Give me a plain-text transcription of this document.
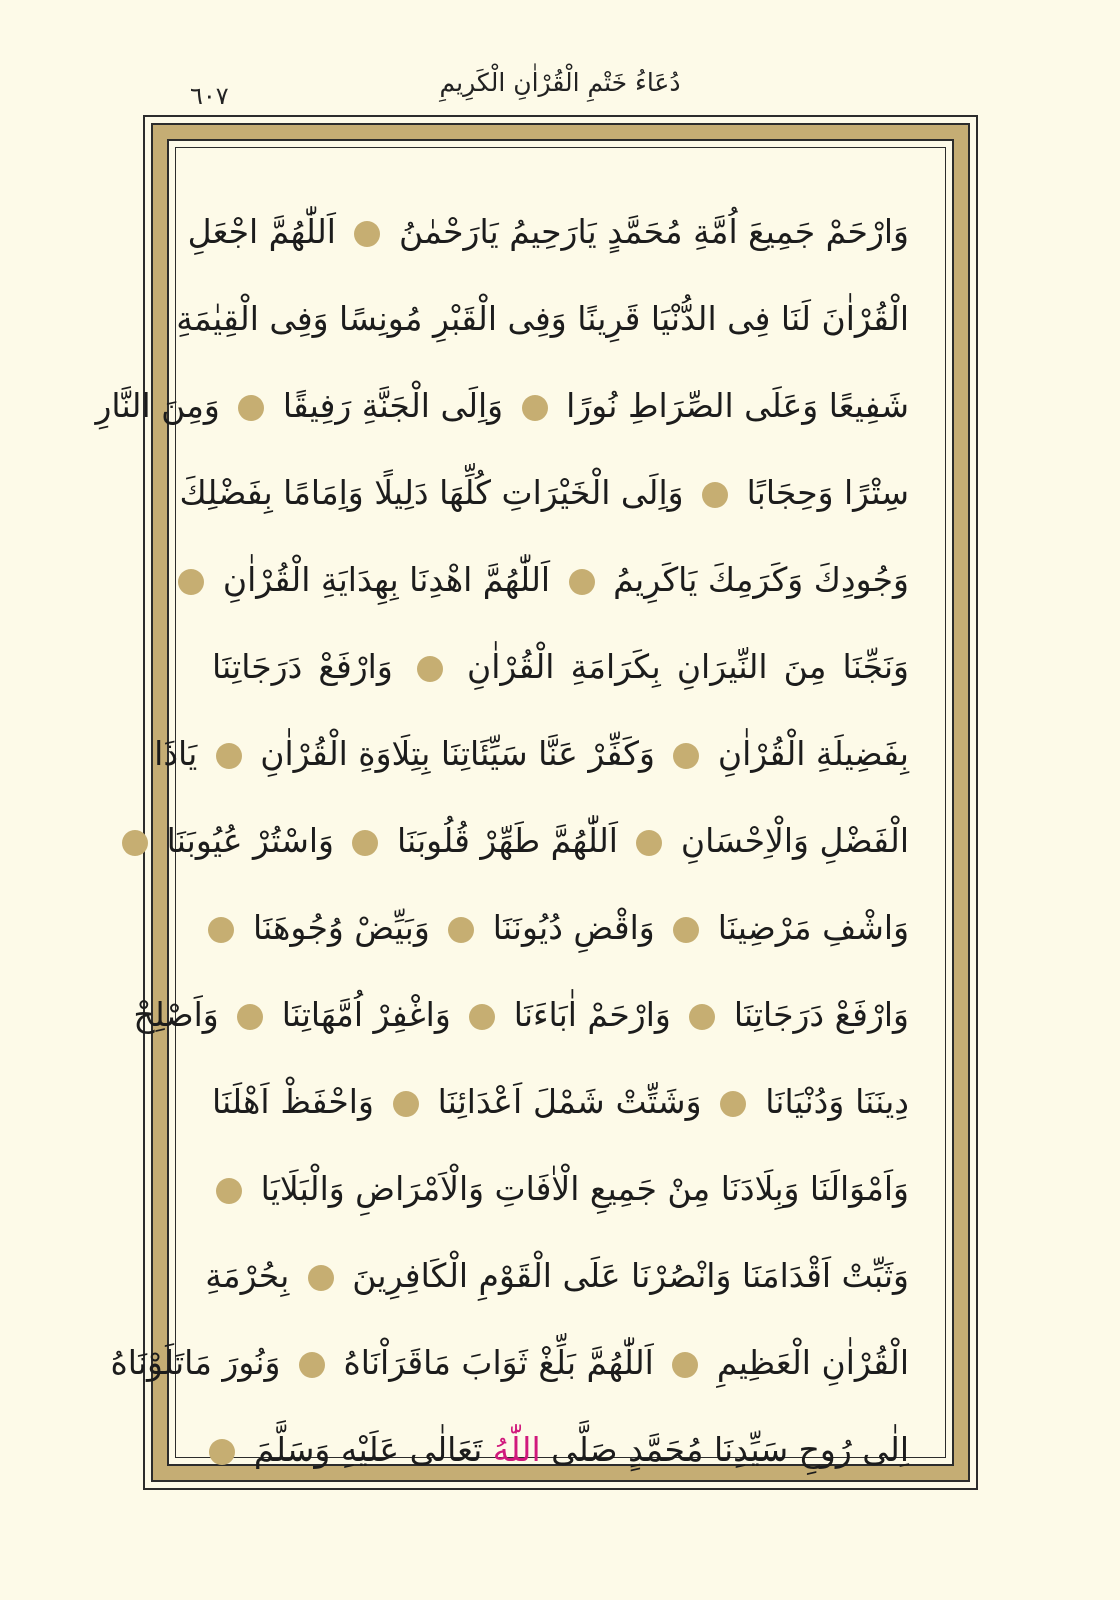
دُعَاءُ خَتْمِ الْقُرْاٰنِ الْكَرِيمِ
٦٠٧
وَارْحَمْ جَمِيعَ اُمَّةِ مُحَمَّدٍ يَارَحِيمُ يَارَحْمٰنُ  اَللّٰهُمَّ اجْعَلِ
الْقُرْاٰنَ لَنَا فِى الدُّنْيَا قَرِينًا وَفِى الْقَبْرِ مُونِسًا وَفِى الْقِيٰمَةِ
شَفِيعًا وَعَلَى الصِّرَاطِ نُورًا  وَاِلَى الْجَنَّةِ رَفِيقًا  وَمِنَ النَّارِ
سِتْرًا وَحِجَابًا  وَاِلَى الْخَيْرَاتِ كُلِّهَا دَلِيلًا وَاِمَامًا بِفَضْلِكَ
وَجُودِكَ وَكَرَمِكَ يَاكَرِيمُ  اَللّٰهُمَّ اهْدِنَا بِهِدَايَةِ الْقُرْاٰنِ
وَنَجِّنَا مِنَ النِّيرَانِ بِكَرَامَةِ الْقُرْاٰنِ  وَارْفَعْ دَرَجَاتِنَا
بِفَضِيلَةِ الْقُرْاٰنِ  وَكَفِّرْ عَنَّا سَيِّئَاتِنَا بِتِلَاوَةِ الْقُرْاٰنِ  يَاذَا
الْفَضْلِ وَالْاِحْسَانِ  اَللّٰهُمَّ طَهِّرْ قُلُوبَنَا  وَاسْتُرْ عُيُوبَنَا
وَاشْفِ مَرْضِينَا  وَاقْضِ دُيُونَنَا  وَبَيِّضْ وُجُوهَنَا
وَارْفَعْ دَرَجَاتِنَا  وَارْحَمْ اٰبَاءَنَا  وَاغْفِرْ اُمَّهَاتِنَا  وَاَصْلِحْ
دِينَنَا وَدُنْيَانَا  وَشَتِّتْ شَمْلَ اَعْدَائِنَا  وَاحْفَظْ اَهْلَنَا
وَاَمْوَالَنَا وَبِلَادَنَا مِنْ جَمِيعِ الْاٰفَاتِ وَالْاَمْرَاضِ وَالْبَلَايَا
وَثَبِّتْ اَقْدَامَنَا وَانْصُرْنَا عَلَى الْقَوْمِ الْكَافِرِينَ  بِحُرْمَةِ
الْقُرْاٰنِ الْعَظِيمِ  اَللّٰهُمَّ بَلِّغْ ثَوَابَ مَاقَرَاْنَاهُ  وَنُورَ مَاتَلَوْنَاهُ
اِلٰى رُوحِ سَيِّدِنَا مُحَمَّدٍ صَلَّى اللّٰهُ تَعَالٰى عَلَيْهِ وَسَلَّمَ
